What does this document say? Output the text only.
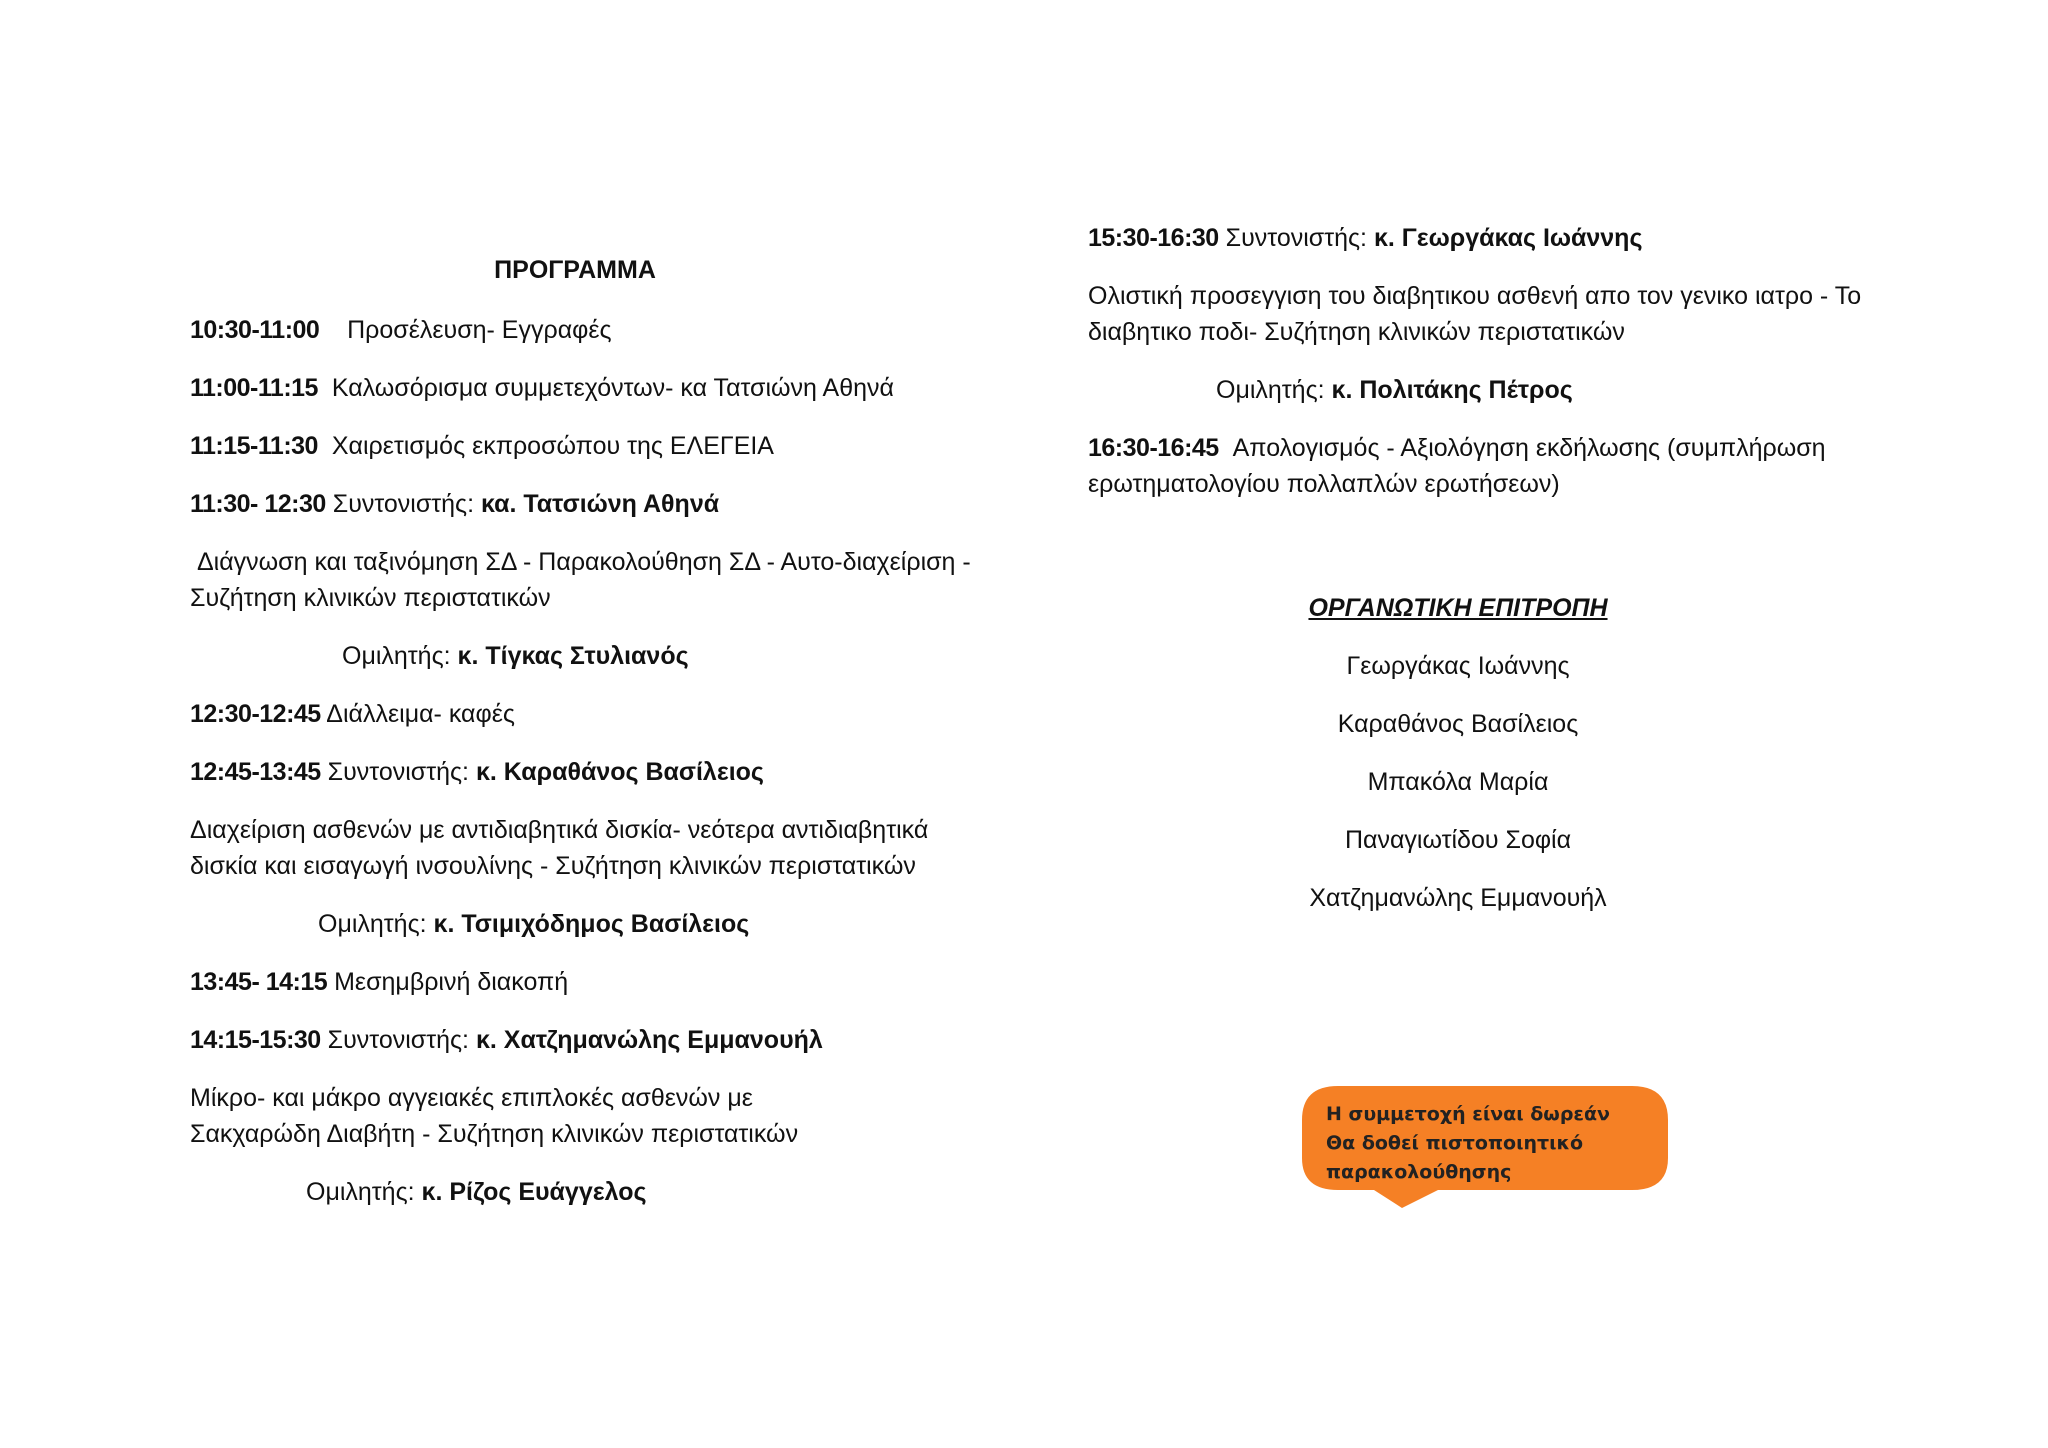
ΠΡΟΓΡΑΜΜΑ
10:30-11:00 Προσέλευση- Εγγραφές
11:00-11:15 Καλωσόρισμα συμμετεχόντων- κα Τατσιώνη Αθηνά
11:15-11:30 Χαιρετισμός εκπροσώπου της ΕΛΕΓΕΙΑ
11:30- 12:30 Συντονιστής: κα. Τατσιώνη Αθηνά
Διάγνωση και ταξινόμηση ΣΔ - Παρακολούθηση ΣΔ - Αυτο-διαχείριση - Συζήτηση κλινικών περιστατικών
Ομιλητής: κ. Τίγκας Στυλιανός
12:30-12:45 Διάλλειμα- καφές
12:45-13:45 Συντονιστής: κ. Καραθάνος Βασίλειος
Διαχείριση ασθενών με αντιδιαβητικά δισκία- νεότερα αντιδιαβητικά δισκία και εισαγωγή ινσουλίνης - Συζήτηση κλινικών περιστατικών
Ομιλητής: κ. Τσιμιχόδημος Βασίλειος
13:45- 14:15 Μεσημβρινή διακοπή
14:15-15:30 Συντονιστής: κ. Χατζημανώλης Εμμανουήλ
Μίκρο- και μάκρο αγγειακές επιπλοκές ασθενών με Σακχαρώδη Διαβήτη - Συζήτηση κλινικών περιστατικών
Ομιλητής: κ. Ρίζος Ευάγγελος
15:30-16:30 Συντονιστής: κ. Γεωργάκας Ιωάννης
Ολιστική προσεγγιση του διαβητικου ασθενή απο τον γενικο ιατρο - Το διαβητικο ποδι- Συζήτηση κλινικών περιστατικών
Ομιλητής: κ. Πολιτάκης Πέτρος
16:30-16:45 Απολογισμός - Αξιολόγηση εκδήλωσης (συμπλήρωση ερωτηματολογίου πολλαπλών ερωτήσεων)
ΟΡΓΑΝΩΤΙΚΗ ΕΠΙΤΡΟΠΗ
Γεωργάκας Ιωάννης
Καραθάνος Βασίλειος
Μπακόλα Μαρία
Παναγιωτίδου Σοφία
Χατζημανώλης Εμμανουήλ
Η συμμετοχή είναι δωρεάν
Θα δοθεί πιστοποιητικό
παρακολούθησης
